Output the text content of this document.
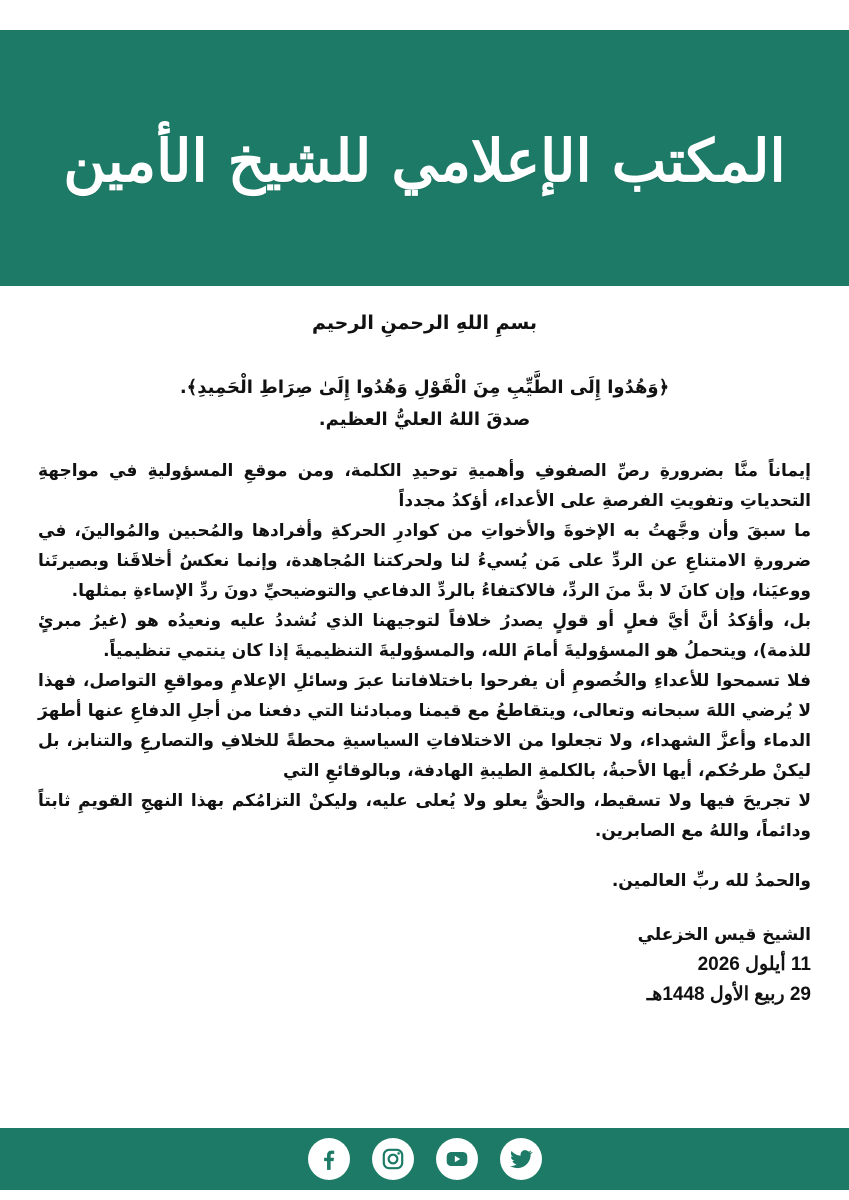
المكتب الإعلامي للشيخ الأمين
بسمِ اللهِ الرحمنِ الرحيم
﴿وَهُدُوا إِلَى الطَّيِّبِ مِنَ الْقَوْلِ وَهُدُوا إِلَىٰ صِرَاطِ الْحَمِيدِ﴾.
صدقَ اللهُ العليُّ العظيم.

إيماناً منَّا بضرورةِ رصِّ الصفوفِ وأهميةِ توحيدِ الكلمة، ومن موقعِ المسؤوليةِ في مواجهةِ التحدياتِ وتفويتِ الفرصةِ على الأعداء، أؤكدُ مجدداً

ما سبقَ وأن وجَّهتُ به الإخوةَ والأخواتِ من كوادرِ الحركةِ وأفرادها والمُحبين والمُوالينَ، في ضرورةِ الامتناعِ عن الردِّ على مَن يُسيءُ لنا ولحركتنا المُجاهدة، وإنما نعكسُ أخلاقَنا وبصيرتَنا ووعيَنا، وإن كانَ لا بدَّ منَ الردِّ، فالاكتفاءُ بالردِّ الدفاعي والتوضيحيِّ دونَ ردِّ الإساءةِ بمثلها.

بل، وأؤكدُ أنَّ أيَّ فعلٍ أو قولٍ يصدرُ خلافاً لتوجيهنا الذي نُشددُ عليه ونعيدُه هو (غيرُ مبرئٍ للذمة)، ويتحملُ هو المسؤوليةَ أمامَ الله، والمسؤوليةَ التنظيميةَ إذا كان ينتمي تنظيمياً.

فلا تسمحوا للأعداءِ والخُصومِ أن يفرحوا باختلافاتنا عبرَ وسائلِ الإعلامِ ومواقعِ التواصل، فهذا لا يُرضي اللهَ سبحانه وتعالى، ويتقاطعُ مع قيمنا ومبادئنا التي دفعنا من أجلِ الدفاعِ عنها أطهرَ الدماء وأعزَّ الشهداء، ولا تجعلوا من الاختلافاتِ السياسيةِ محطةً للخلافِ والتصارعِ والتنابز، بل ليكنْ طرحُكم، أيها الأحبةُ، بالكلمةِ الطيبةِ الهادفة، وبالوقائعِ التي

لا تجريحَ فيها ولا تسقيط، والحقُّ يعلو ولا يُعلى عليه، وليكنْ التزامُكم بهذا النهجِ القويمِ ثابتاً ودائماً، واللهُ مع الصابرين.

والحمدُ لله ربِّ العالمين.
الشيخ قيس الخزعلي
11 أيلول 2026
29 ربيع الأول 1448هـ
